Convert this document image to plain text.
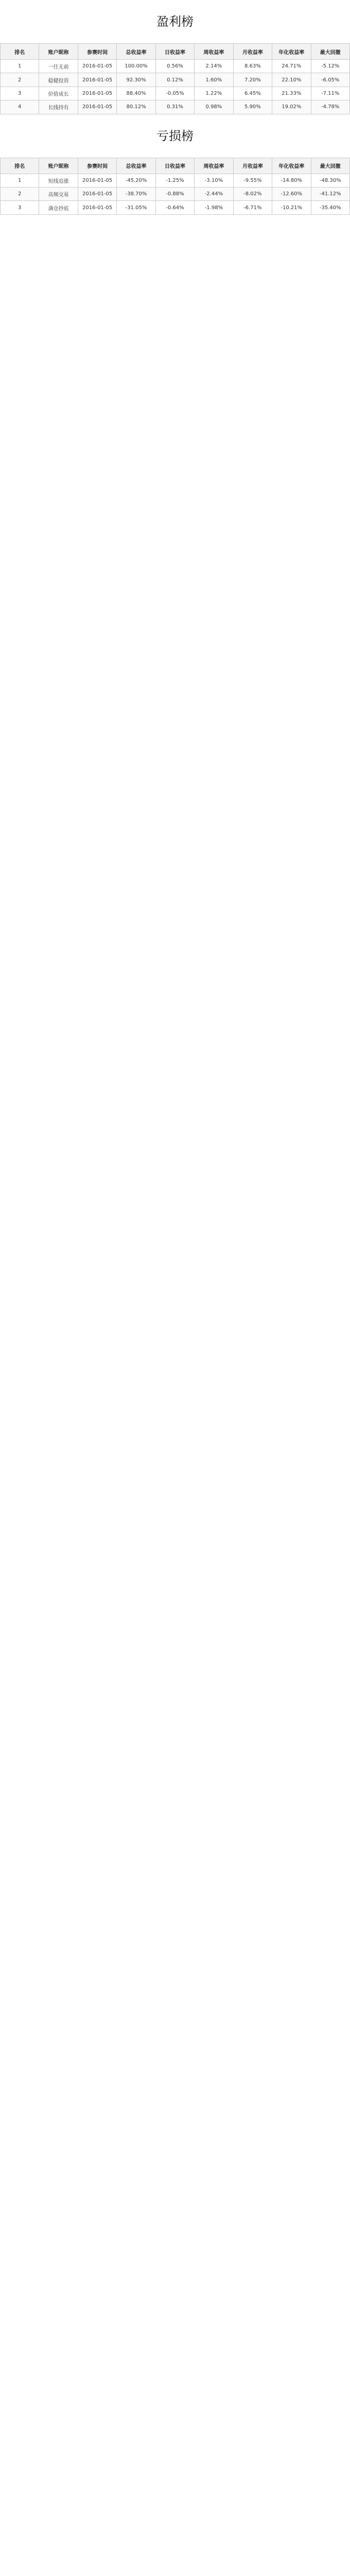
盈利榜
排名	账户昵称	参赛时间	总收益率	日收益率	周收益率	月收益率	年化收益率	最大回撤
1	一往无前	2016-01-05	100.00%	0.56%	2.14%	8.63%	24.71%	-5.12%
2	稳健投资	2016-01-05	92.30%	0.12%	1.60%	7.20%	22.10%	-6.05%
3	价值成长	2016-01-05	88.40%	-0.05%	1.22%	6.45%	21.33%	-7.11%
4	长线持有	2016-01-05	80.12%	0.31%	0.98%	5.90%	19.02%	-4.78%
亏损榜
排名	账户昵称	参赛时间	总收益率	日收益率	周收益率	月收益率	年化收益率	最大回撤
1	短线追涨	2016-01-05	-45.20%	-1.25%	-3.10%	-9.55%	-14.80%	-48.30%
2	高频交易	2016-01-05	-38.70%	-0.88%	-2.44%	-8.02%	-12.60%	-41.12%
3	满仓抄底	2016-01-05	-31.05%	-0.64%	-1.98%	-6.71%	-10.21%	-35.40%
